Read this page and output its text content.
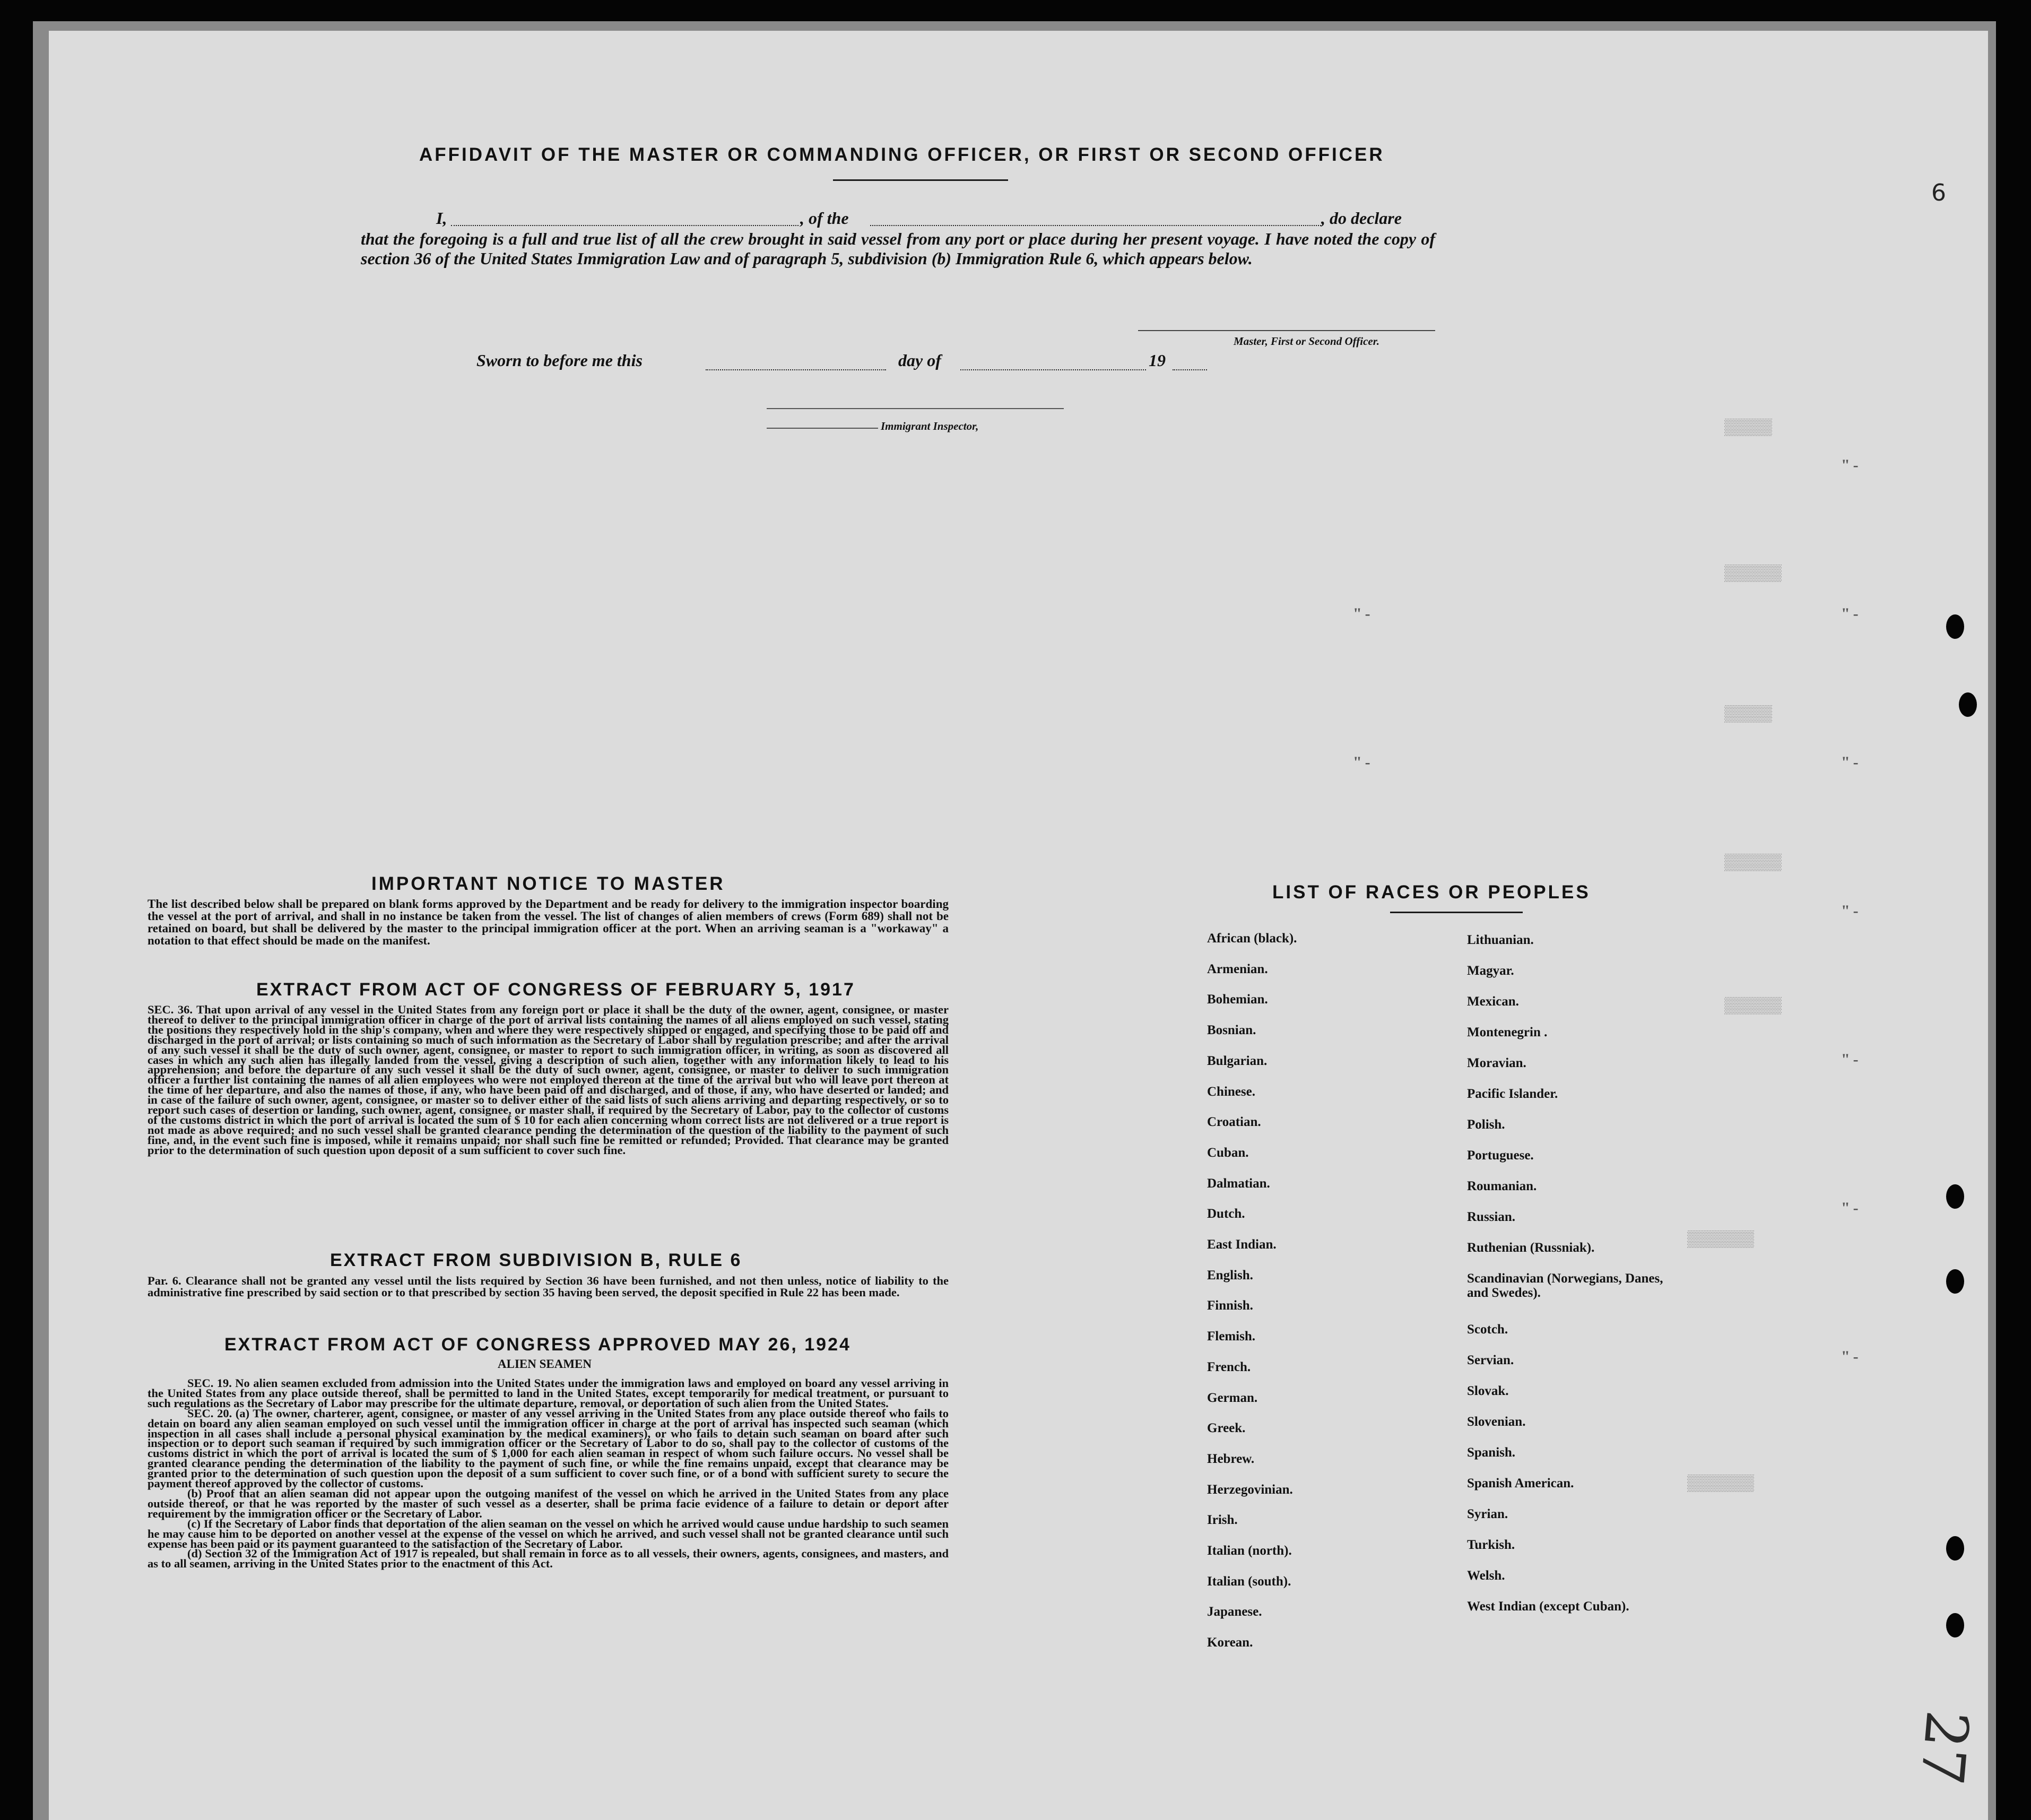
▒▒▒▒▒
▒▒▒▒▒▒
▒▒▒▒▒
▒▒▒▒▒▒
▒▒▒▒▒▒
▒▒▒▒▒▒▒
▒▒▒▒▒▒▒
"-
"-
"-
"-
"-
"-
"-
"-
"-
6
27
AFFIDAVIT OF THE MASTER OR COMMANDING OFFICER, OR FIRST OR SECOND OFFICER
I,	, of the	, do declare
that the foregoing is a full and true list of all the crew brought in said vessel from any port or place during her present voyage. I have noted the copy of section 36 of the United States Immigration Law and of paragraph 5, subdivision (b) Immigration Rule 6, which appears below.
Master, First or Second Officer.
Sworn to before me this	day of	19
Immigrant Inspector,
IMPORTANT NOTICE TO MASTER
The list described below shall be prepared on blank forms approved by the Department and be ready for delivery to the immigration inspector boarding the vessel at the port of arrival, and shall in no instance be taken from the vessel. The list of changes of alien members of crews (Form 689) shall not be retained on board, but shall be delivered by the master to the principal immigration officer at the port. When an arriving seaman is a "workaway" a notation to that effect should be made on the manifest.
EXTRACT FROM ACT OF CONGRESS OF FEBRUARY 5, 1917
SEC. 36. That upon arrival of any vessel in the United States from any foreign port or place it shall be the duty of the owner, agent, consignee, or master thereof to deliver to the principal immigration officer in charge of the port of arrival lists containing the names of all aliens employed on such vessel, stating the positions they respectively hold in the ship's company, when and where they were respectively shipped or engaged, and specifying those to be paid off and discharged in the port of arrival; or lists containing so much of such information as the Secretary of Labor shall by regulation prescribe; and after the arrival of any such vessel it shall be the duty of such owner, agent, consignee, or master to report to such immigration officer, in writing, as soon as discovered all cases in which any such alien has illegally landed from the vessel, giving a description of such alien, together with any information likely to lead to his apprehension; and before the departure of any such vessel it shall be the duty of such owner, agent, consignee, or master to deliver to such immigration officer a further list containing the names of all alien employees who were not employed thereon at the time of the arrival but who will leave port thereon at the time of her departure, and also the names of those, if any, who have been paid off and discharged, and of those, if any, who have deserted or landed; and in case of the failure of such owner, agent, consignee, or master so to deliver either of the said lists of such aliens arriving and departing respectively, or so to report such cases of desertion or landing, such owner, agent, consignee, or master shall, if required by the Secretary of Labor, pay to the collector of customs of the customs district in which the port of arrival is located the sum of $ 10 for each alien concerning whom correct lists are not delivered or a true report is not made as above required; and no such vessel shall be granted clearance pending the determination of the question of the liability to the payment of such fine, and, in the event such fine is imposed, while it remains unpaid; nor shall such fine be remitted or refunded; Provided. That clearance may be granted prior to the determination of such question upon deposit of a sum sufficient to cover such fine.
EXTRACT FROM SUBDIVISION B, RULE 6
Par. 6. Clearance shall not be granted any vessel until the lists required by Section 36 have been furnished, and not then unless, notice of liability to the administrative fine prescribed by said section or to that prescribed by section 35 having been served, the deposit specified in Rule 22 has been made.
EXTRACT FROM ACT OF CONGRESS APPROVED MAY 26, 1924
ALIEN SEAMEN

SEC. 19. No alien seamen excluded from admission into the United States under the immigration laws and employed on board any vessel arriving in the United States from any place outside thereof, shall be permitted to land in the United States, except temporarily for medical treatment, or pursuant to such regulations as the Secretary of Labor may prescribe for the ultimate departure, removal, or deportation of such alien from the United States.

SEC. 20. (a) The owner, charterer, agent, consignee, or master of any vessel arriving in the United States from any place outside thereof who fails to detain on board any alien seaman employed on such vessel until the immigration officer in charge at the port of arrival has inspected such seaman (which inspection in all cases shall include a personal physical examination by the medical examiners), or who fails to detain such seaman on board after such inspection or to deport such seaman if required by such immigration officer or the Secretary of Labor to do so, shall pay to the collector of customs of the customs district in which the port of arrival is located the sum of $ 1,000 for each alien seaman in respect of whom such failure occurs. No vessel shall be granted clearance pending the determination of the liability to the payment of such fine, or while the fine remains unpaid, except that clearance may be granted prior to the determination of such question upon the deposit of a sum sufficient to cover such fine, or of a bond with sufficient surety to secure the payment thereof approved by the collector of customs.

(b) Proof that an alien seaman did not appear upon the outgoing manifest of the vessel on which he arrived in the United States from any place outside thereof, or that he was reported by the master of such vessel as a deserter, shall be prima facie evidence of a failure to detain or deport after requirement by the immigration officer or the Secretary of Labor.

(c) If the Secretary of Labor finds that deportation of the alien seaman on the vessel on which he arrived would cause undue hardship to such seamen he may cause him to be deported on another vessel at the expense of the vessel on which he arrived, and such vessel shall not be granted clearance until such expense has been paid or its payment guaranteed to the satisfaction of the Secretary of Labor.

(d) Section 32 of the Immigration Act of 1917 is repealed, but shall remain in force as to all vessels, their owners, agents, consignees, and masters, and as to all seamen, arriving in the United States prior to the enactment of this Act.

LIST OF RACES OR PEOPLES
African (black).
Armenian.
Bohemian.
Bosnian.
Bulgarian.
Chinese.
Croatian.
Cuban.
Dalmatian.
Dutch.
East Indian.
English.
Finnish.
Flemish.
French.
German.
Greek.
Hebrew.
Herzegovinian.
Irish.
Italian (north).
Italian (south).
Japanese.
Korean.
Lithuanian.
Magyar.
Mexican.
Montenegrin .
Moravian.
Pacific Islander.
Polish.
Portuguese.
Roumanian.
Russian.
Ruthenian (Russniak).
Scandinavian (Norwegians, Danes, and Swedes).
Scotch.
Servian.
Slovak.
Slovenian.
Spanish.
Spanish American.
Syrian.
Turkish.
Welsh.
West Indian (except Cuban).
